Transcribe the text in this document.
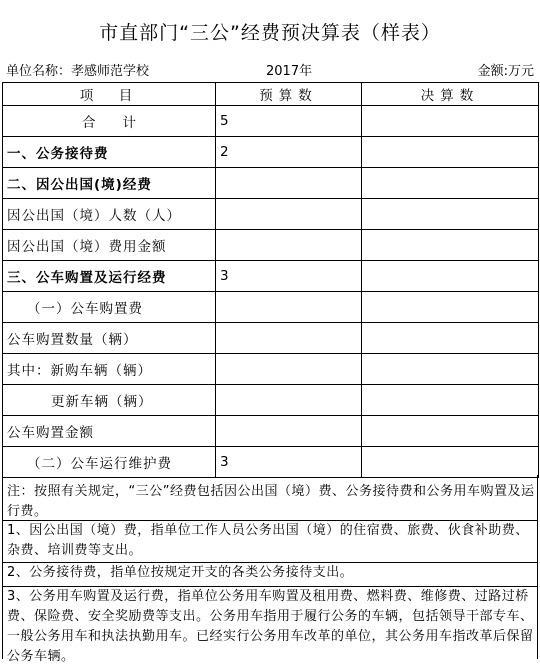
市直部门“三公”经费预决算表（样表）
单位名称：孝感师范学校	2017年	金额:万元
项　目	预算数	决算数
合　　计	5	
一、公务接待费	2	
二、因公出国(境)经费		
因公出国（境）人数（人）		
因公出国（境）费用金额		
三、公车购置及运行经费	3	
（一）公车购置费		
公车购置数量（辆）		
其中：新购车辆（辆）		
更新车辆（辆）		
公车购置金额		
（二）公车运行维护费	3	
注：按照有关规定，“三公”经费包括因公出国（境）费、公务接待费和公务用车购置及运行费。
1、因公出国（境）费，指单位工作人员公务出国（境）的住宿费、旅费、伙食补助费、杂费、培训费等支出。
2、公务接待费，指单位按规定开支的各类公务接待支出。
3、公务用车购置及运行费，指单位公务用车购置及租用费、燃料费、维修费、过路过桥费、保险费、安全奖励费等支出。公务用车指用于履行公务的车辆，包括领导干部专车、一般公务用车和执法执勤用车。已经实行公务用车改革的单位，其公务用车指改革后保留公务车辆。
